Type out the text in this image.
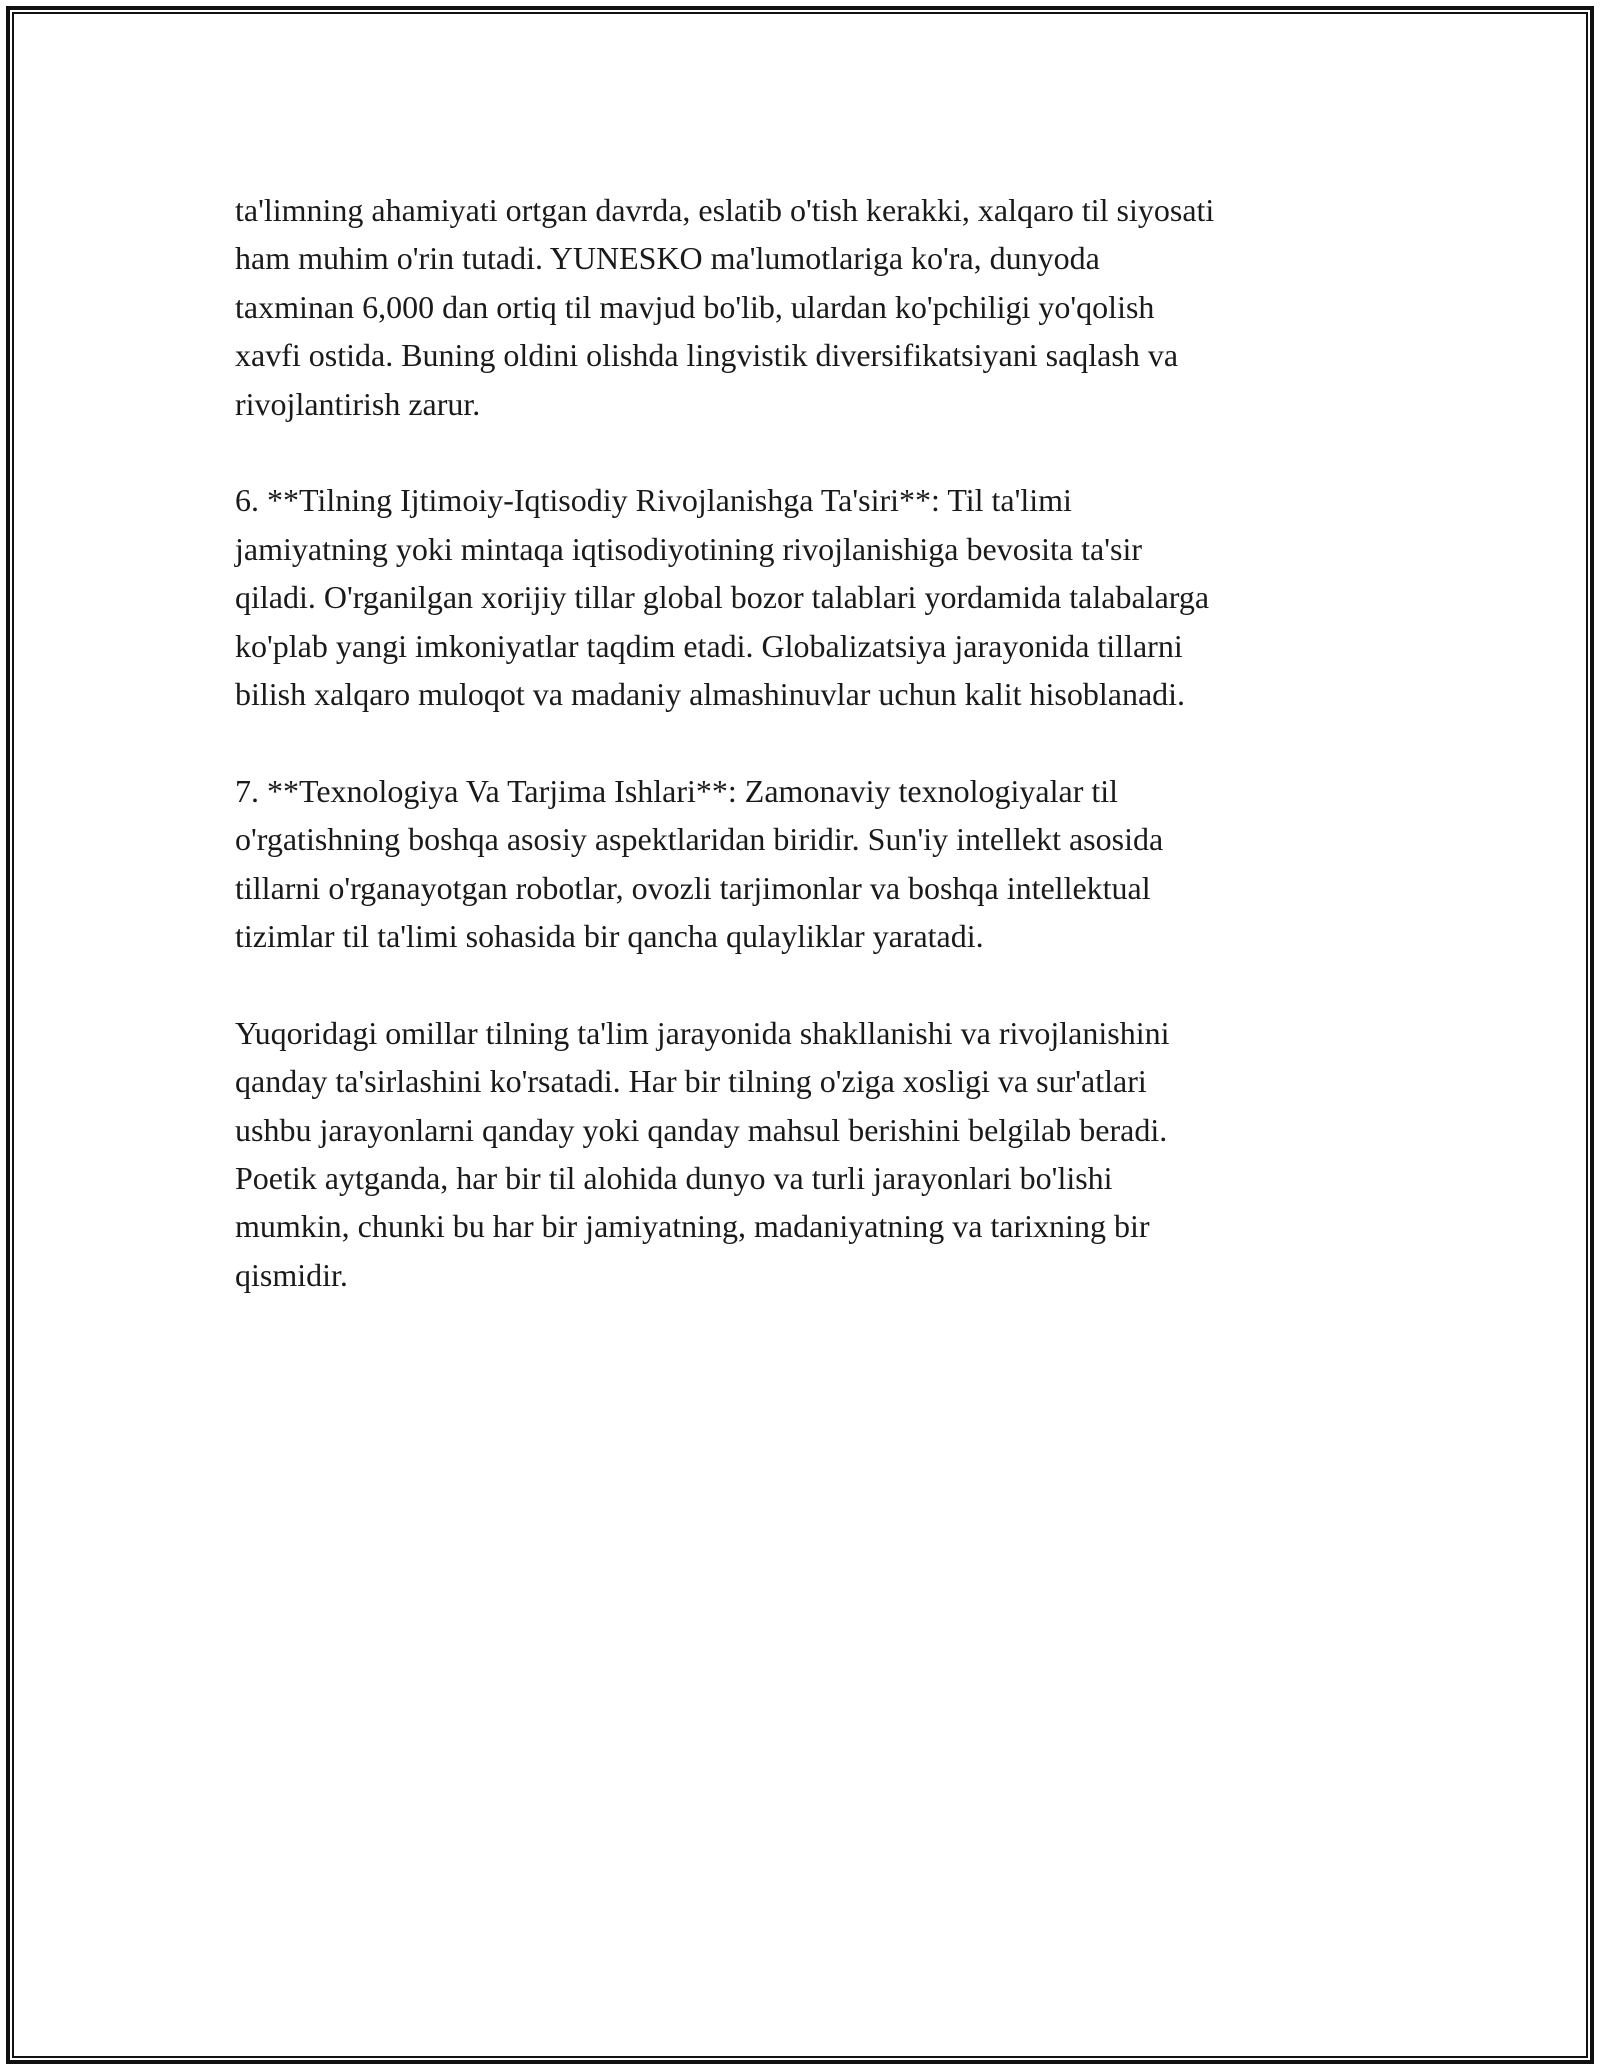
ta'limning ahamiyati ortgan davrda, eslatib o'tish kerakki, xalqaro til siyosati
ham muhim o'rin tutadi. YUNESKO ma'lumotlariga ko'ra, dunyoda
taxminan 6,000 dan ortiq til mavjud bo'lib, ulardan ko'pchiligi yo'qolish
xavfi ostida. Buning oldini olishda lingvistik diversifikatsiyani saqlash va
rivojlantirish zarur.

6. **Tilning Ijtimoiy-Iqtisodiy Rivojlanishga Ta'siri**: Til ta'limi
jamiyatning yoki mintaqa iqtisodiyotining rivojlanishiga bevosita ta'sir
qiladi. O'rganilgan xorijiy tillar global bozor talablari yordamida talabalarga
ko'plab yangi imkoniyatlar taqdim etadi. Globalizatsiya jarayonida tillarni
bilish xalqaro muloqot va madaniy almashinuvlar uchun kalit hisoblanadi.

7. **Texnologiya Va Tarjima Ishlari**: Zamonaviy texnologiyalar til
o'rgatishning boshqa asosiy aspektlaridan biridir. Sun'iy intellekt asosida
tillarni o'rganayotgan robotlar, ovozli tarjimonlar va boshqa intellektual
tizimlar til ta'limi sohasida bir qancha qulayliklar yaratadi.

Yuqoridagi omillar tilning ta'lim jarayonida shakllanishi va rivojlanishini
qanday ta'sirlashini ko'rsatadi. Har bir tilning o'ziga xosligi va sur'atlari
ushbu jarayonlarni qanday yoki qanday mahsul berishini belgilab beradi.
Poetik aytganda, har bir til alohida dunyo va turli jarayonlari bo'lishi
mumkin, chunki bu har bir jamiyatning, madaniyatning va tarixning bir
qismidir.
